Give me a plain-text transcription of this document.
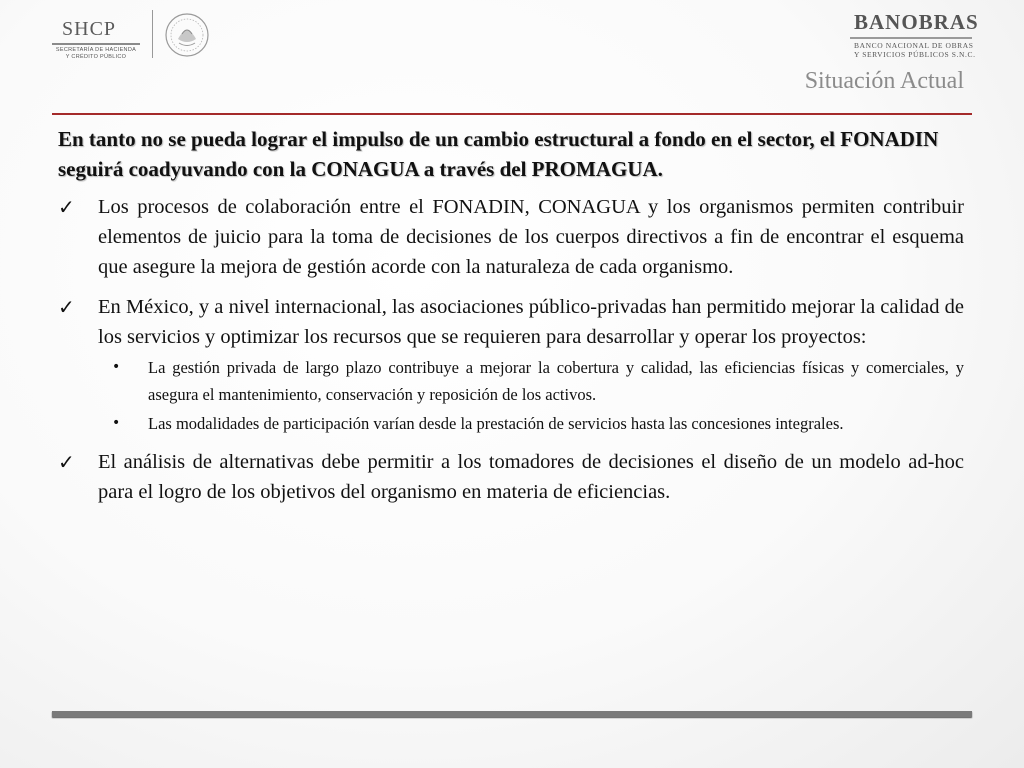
SHCP
SECRETARÍA DE HACIENDA
Y CRÉDITO PÚBLICO
BANOBRAS
BANCO NACIONAL DE OBRAS
Y SERVICIOS PÚBLICOS S.N.C.
Situación Actual

En tanto no se pueda lograr el impulso de un cambio estructural a fondo en el sector, el FONADIN seguirá coadyuvando con la CONAGUA a través del PROMAGUA.

✓ Los procesos de colaboración entre el FONADIN, CONAGUA y los organismos permiten contribuir elementos de juicio para la toma de decisiones de los cuerpos directivos a fin de encontrar el esquema que asegure la mejora de gestión acorde con la naturaleza de cada organismo.
✓ En México, y a nivel internacional, las asociaciones público-privadas han permitido mejorar la calidad de los servicios y optimizar los recursos que se requieren para desarrollar y operar los proyectos:
• La gestión privada de largo plazo contribuye a mejorar la cobertura y calidad, las eficiencias físicas y comerciales, y asegura el mantenimiento, conservación y reposición de los activos.
• Las modalidades de participación varían desde la prestación de servicios hasta las concesiones integrales.
✓ El análisis de alternativas debe permitir a los tomadores de decisiones el diseño de un modelo ad-hoc para el logro de los objetivos del organismo en materia de eficiencias.
